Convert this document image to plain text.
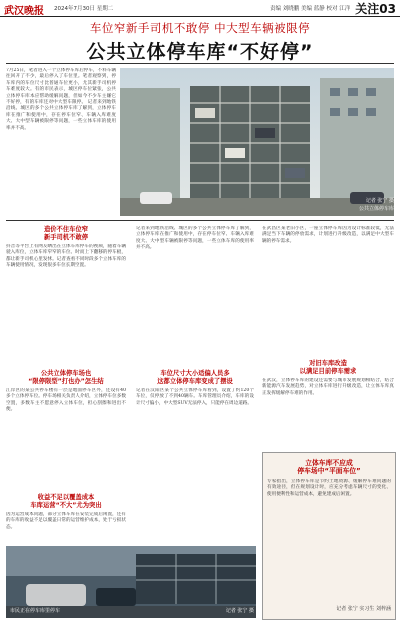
武汉晚报 2024年7月30日 星期二	责编 刘晓鹏 美编 蓝静 校对 江洋 关注03
车位窄新手司机不敢停 中大型车辆被限停
公共立体停车库“不好停”
7月25日，笔者进入一个立体停车库后停车，不料车辆往回开了不少，最后停入了车位里。笔者观察到，停车库内的车位尺寸比普通车位更小，尤其新手司机停车难度较大。有的市民表示，城区停车位紧张，公共立体停车库本应帮助缓解问题，但如今不少车主嫌它不好停，有的车库还对中大型车限停。 记者来到地铁沿线、城区的多个公共立体停车库了解到，立体停车库在推广和使用中，存在停车位窄、车辆入库难度大、大中型车辆被限停等问题，一些立体车库的使用率并不高。
记者 张宁 摄
公共立体停车库
造价不住车位窄
新手司机不敢停
抖音等平台上有网友晒出在立体车库停车的视频，随着车辆驶入库位，立体车库窄窄的车位、时而上下翻移的停车板，都让新手司机心里发怵。记者查看不同时段多个立体车库的车辆使用情况，发现很多车位长期空置。
公共立体停车场也
“限停限型”打也办”怎生结
江岸区的某公共停车楼有一层是地面停车区外，还设有40多个立体停车位。停车场相关负责人介绍，立体停车位多数空置，多数车主不愿意停入立体车位，担心刮擦和进出不便。
收益不足以覆盖成本
车库运营“不大”尤为突出
因为运营成本问题，部分立体车库在安装完成后闲置，还有的车库的收益不足以覆盖日常的运营维护成本，处于亏损状态。
记者来到地铁沿线、城区的多个公共立体停车库了解到，立体停车库在推广和使用中，存在停车位窄、车辆入库难度大、大中型车辆被限停等问题，一些立体车库的使用率并不高。
车位尺寸大小适偏人员多
这都立体停车库变成了摆设
记者在汉阳区某个公共立体停车库看到，设置了约120个车位，仅停放了不到40辆车。车库管理员介绍，车库的设计尺寸偏小，中大型SUV无法停入，只能停在周边道路。
在武昌区某老旧小区，一座立体停车库因为设计标准较低，无法满足当下车辆的停放需求，计划进行升级改造，以满足中大型车辆的停车需求。
对旧车库改造
以满足目前停车需求
在武汉，立体停车库的建设还需要与城市发展规划相结合，结合新能源汽车发展趋势，对立体车库进行升级改造，让立体车库真正发挥缓解停车难的作用。
立体车库不应成
停车场中“平面车位”
专家指出，立体停车库是节约土地资源、缓解停车难问题的有效途径，但在规划设计时，应充分考虑车辆尺寸的变化、使用便利性和运营成本，避免建成后闲置。
记者 张宁 实习生 刘梓涵
市民正在停车库里停车	记者 张宁 摄
